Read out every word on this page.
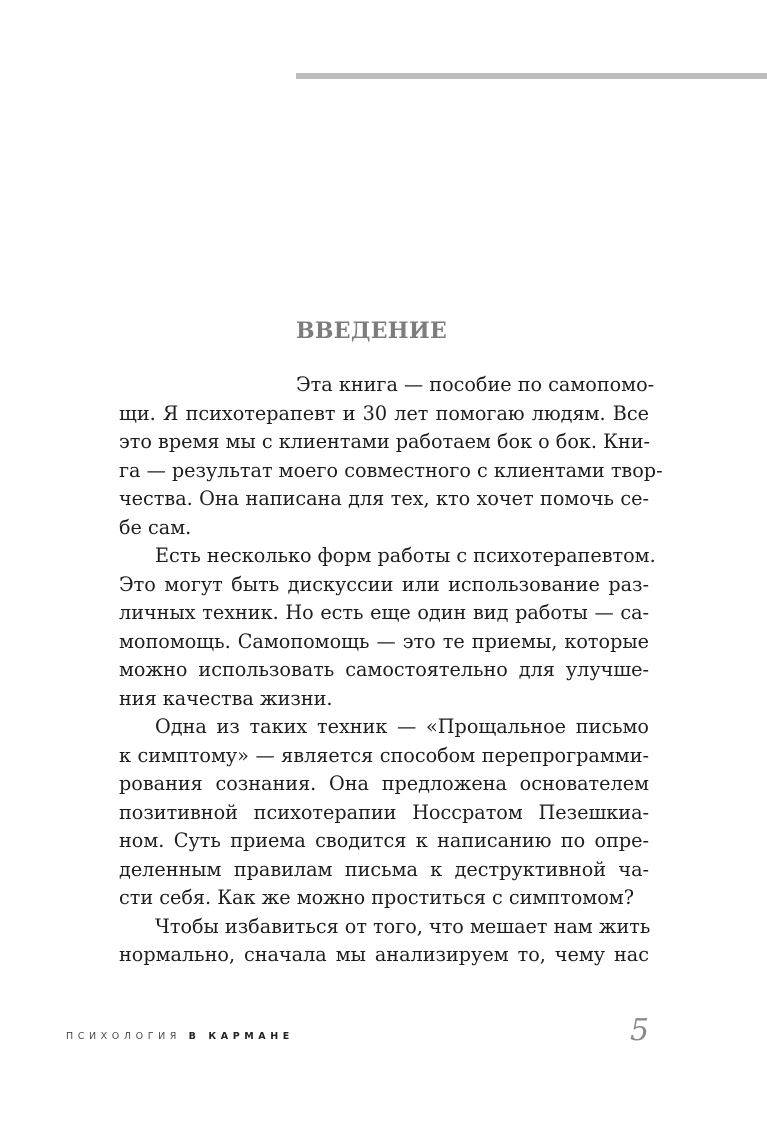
ВВЕДЕНИЕ
Эта книга — пособие по самопомо-
щи. Я психотерапевт и 30 лет помогаю людям. Все
это время мы с клиентами работаем бок о бок. Кни-
га — результат моего совместного с клиентами твор-
чества. Она написана для тех, кто хочет помочь се-
бе сам.
Есть несколько форм работы с психотерапевтом.
Это могут быть дискуссии или использование раз-
личных техник. Но есть еще один вид работы — са-
мопомощь. Самопомощь — это те приемы, которые
можно использовать самостоятельно для улучше-
ния качества жизни.
Одна из таких техник — «Прощальное письмо
к симптому» — является способом перепрограмми-
рования сознания. Она предложена основателем
позитивной психотерапии Носсратом Пезешкиа-
ном. Суть приема сводится к написанию по опре-
деленным правилам письма к деструктивной ча-
сти себя. Как же можно проститься с симптомом?
Чтобы избавиться от того, что мешает нам жить
нормально, сначала мы анализируем то, чему нас
ПСИХОЛОГИЯ В КАРМАНЕ	5
